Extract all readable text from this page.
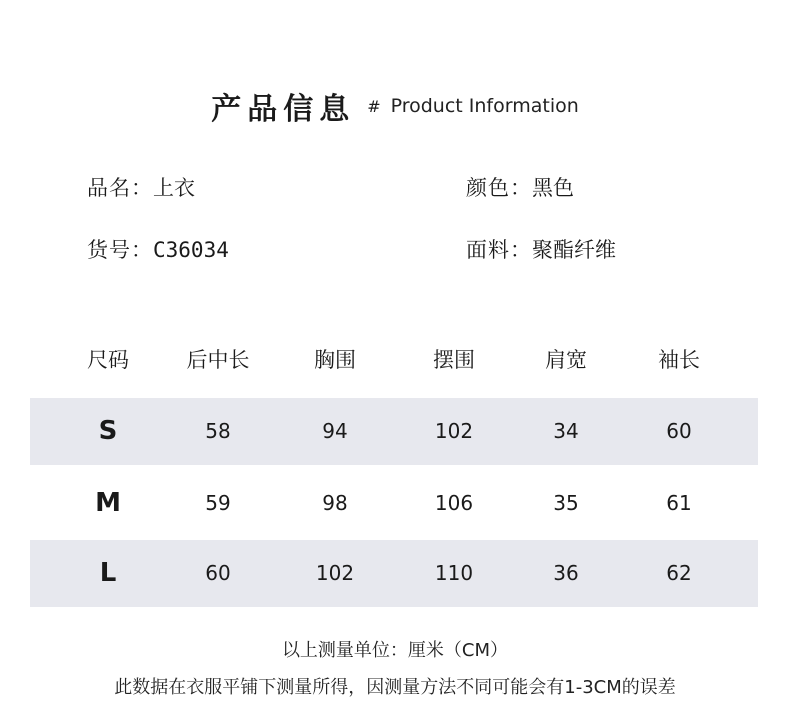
产品信息 # Product Information
品名：上衣	颜色：黑色
货号：C36034	面料：聚酯纤维
尺码	后中长	胸围	摆围	肩宽	袖长
S	58	94	102	34	60
M	59	98	106	35	61
L	60	102	110	36	62
以上测量单位：厘米（CM）
此数据在衣服平铺下测量所得，因测量方法不同可能会有1-3CM的误差
